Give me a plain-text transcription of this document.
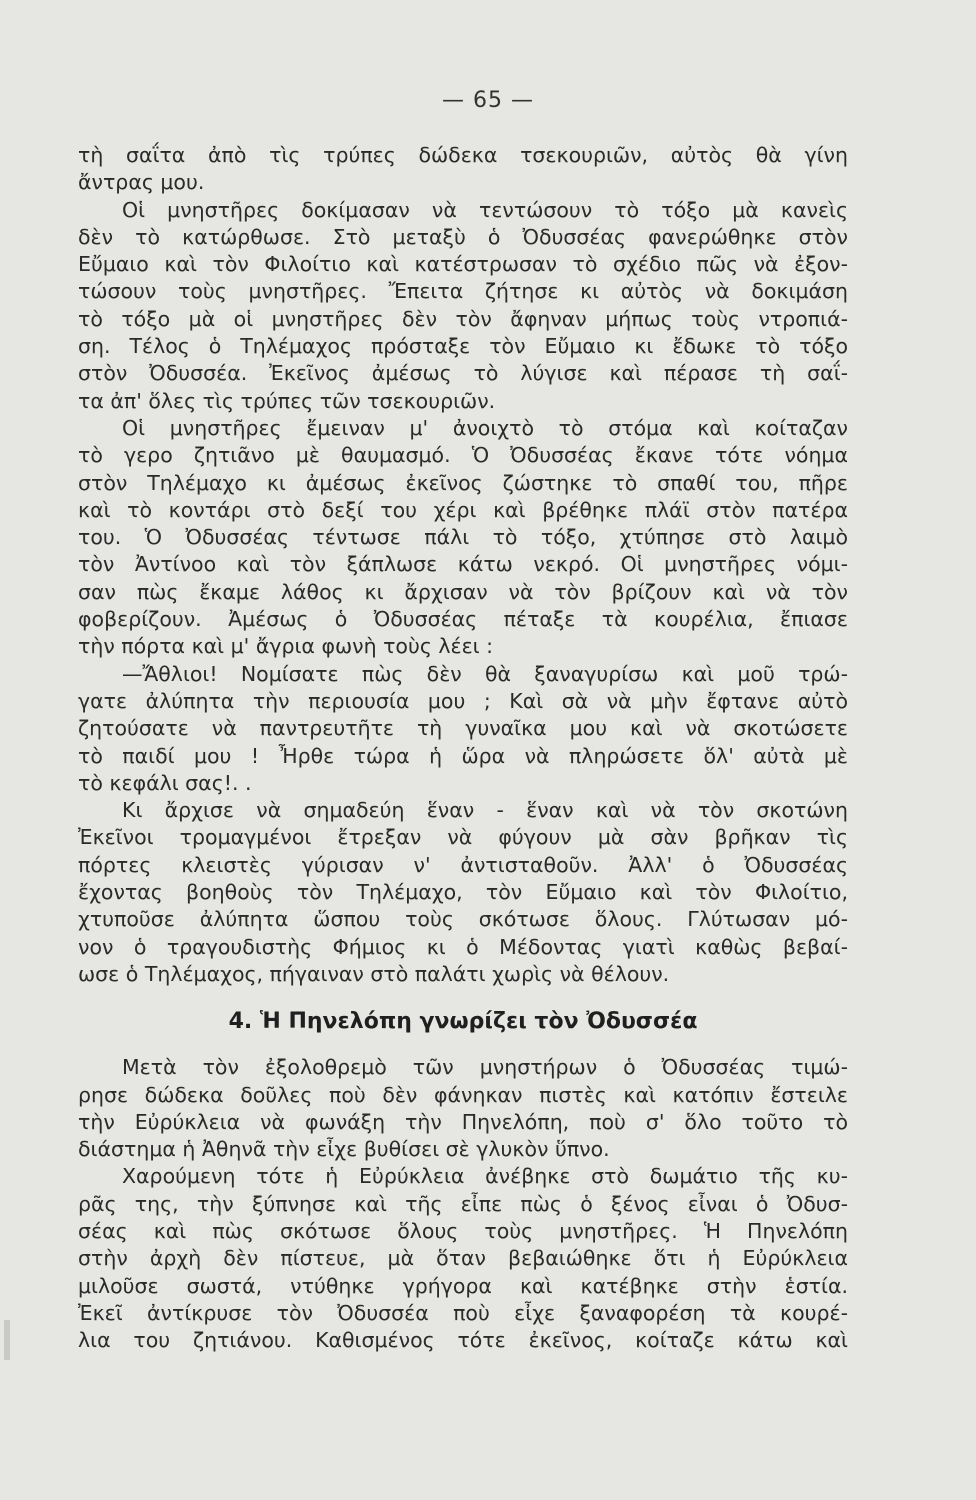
— 65 —
τὴ σαΐτα ἀπὸ τὶς τρύπες δώδεκα τσεκουριῶν, αὐτὸς θὰ γίνη
ἄντρας μου.
Οἱ μνηστῆρες δοκίμασαν νὰ τεντώσουν τὸ τόξο μὰ κανεὶς
δὲν τὸ κατώρθωσε. Στὸ μεταξὺ ὁ Ὀδυσσέας φανερώθηκε στὸν
Εὔμαιο καὶ τὸν Φιλοίτιο καὶ κατέστρωσαν τὸ σχέδιο πῶς νὰ ἐξον-
τώσουν τοὺς μνηστῆρες. Ἔπειτα ζήτησε κι αὐτὸς νὰ δοκιμάση
τὸ τόξο μὰ οἱ μνηστῆρες δὲν τὸν ἄφηναν μήπως τοὺς ντροπιά-
ση. Τέλος ὁ Τηλέμαχος πρόσταξε τὸν Εὔμαιο κι ἔδωκε τὸ τόξο
στὸν Ὀδυσσέα. Ἐκεῖνος ἀμέσως τὸ λύγισε καὶ πέρασε τὴ σαΐ-
τα ἀπ' ὅλες τὶς τρύπες τῶν τσεκουριῶν.
Οἱ μνηστῆρες ἔμειναν μ' ἀνοιχτὸ τὸ στόμα καὶ κοίταζαν
τὸ γερο ζητιᾶνο μὲ θαυμασμό. Ὁ Ὀδυσσέας ἔκανε τότε νόημα
στὸν Τηλέμαχο κι ἀμέσως ἐκεῖνος ζώστηκε τὸ σπαθί του, πῆρε
καὶ τὸ κοντάρι στὸ δεξί του χέρι καὶ βρέθηκε πλάϊ στὸν πατέρα
του. Ὁ Ὀδυσσέας τέντωσε πάλι τὸ τόξο, χτύπησε στὸ λαιμὸ
τὸν Ἀντίνοο καὶ τὸν ξάπλωσε κάτω νεκρό. Οἱ μνηστῆρες νόμι-
σαν πὼς ἔκαμε λάθος κι ἄρχισαν νὰ τὸν βρίζουν καὶ νὰ τὸν
φοβερίζουν. Ἀμέσως ὁ Ὀδυσσέας πέταξε τὰ κουρέλια, ἔπιασε
τὴν πόρτα καὶ μ' ἄγρια φωνὴ τοὺς λέει :
—Ἄθλιοι! Νομίσατε πὼς δὲν θὰ ξαναγυρίσω καὶ μοῦ τρώ-
γατε ἀλύπητα τὴν περιουσία μου ; Καὶ σὰ νὰ μὴν ἔφτανε αὐτὸ
ζητούσατε νὰ παντρευτῆτε τὴ γυναῖκα μου καὶ νὰ σκοτώσετε
τὸ παιδί μου ! Ἦρθε τώρα ἡ ὥρα νὰ πληρώσετε ὅλ' αὐτὰ μὲ
τὸ κεφάλι σας!. .
Κι ἄρχισε νὰ σημαδεύη ἕναν - ἕναν καὶ νὰ τὸν σκοτώνη
Ἐκεῖνοι τρομαγμένοι ἔτρεξαν νὰ φύγουν μὰ σὰν βρῆκαν τὶς
πόρτες κλειστὲς γύρισαν ν' ἀντισταθοῦν. Ἀλλ' ὁ Ὀδυσσέας
ἔχοντας βοηθοὺς τὸν Τηλέμαχο, τὸν Εὔμαιο καὶ τὸν Φιλοίτιο,
χτυποῦσε ἀλύπητα ὥσπου τοὺς σκότωσε ὅλους. Γλύτωσαν μό-
νον ὁ τραγουδιστὴς Φήμιος κι ὁ Μέδοντας γιατὶ καθὼς βεβαί-
ωσε ὁ Τηλέμαχος, πήγαιναν στὸ παλάτι χωρὶς νὰ θέλουν.
4. Ἡ Πηνελόπη γνωρίζει τὸν Ὀδυσσέα
Μετὰ τὸν ἐξολοθρεμὸ τῶν μνηστήρων ὁ Ὀδυσσέας τιμώ-
ρησε δώδεκα δοῦλες ποὺ δὲν φάνηκαν πιστὲς καὶ κατόπιν ἔστειλε
τὴν Εὐρύκλεια νὰ φωνάξη τὴν Πηνελόπη, ποὺ σ' ὅλο τοῦτο τὸ
διάστημα ἡ Ἀθηνᾶ τὴν εἶχε βυθίσει σὲ γλυκὸν ὕπνο.
Χαρούμενη τότε ἡ Εὐρύκλεια ἀνέβηκε στὸ δωμάτιο τῆς κυ-
ρᾶς της, τὴν ξύπνησε καὶ τῆς εἶπε πὼς ὁ ξένος εἶναι ὁ Ὀδυσ-
σέας καὶ πὼς σκότωσε ὅλους τοὺς μνηστῆρες. Ἡ Πηνελόπη
στὴν ἀρχὴ δὲν πίστευε, μὰ ὅταν βεβαιώθηκε ὅτι ἡ Εὐρύκλεια
μιλοῦσε σωστά, ντύθηκε γρήγορα καὶ κατέβηκε στὴν ἑστία.
Ἐκεῖ ἀντίκρυσε τὸν Ὀδυσσέα ποὺ εἶχε ξαναφορέση τὰ κουρέ-
λια του ζητιάνου. Καθισμένος τότε ἐκεῖνος, κοίταζε κάτω καὶ
